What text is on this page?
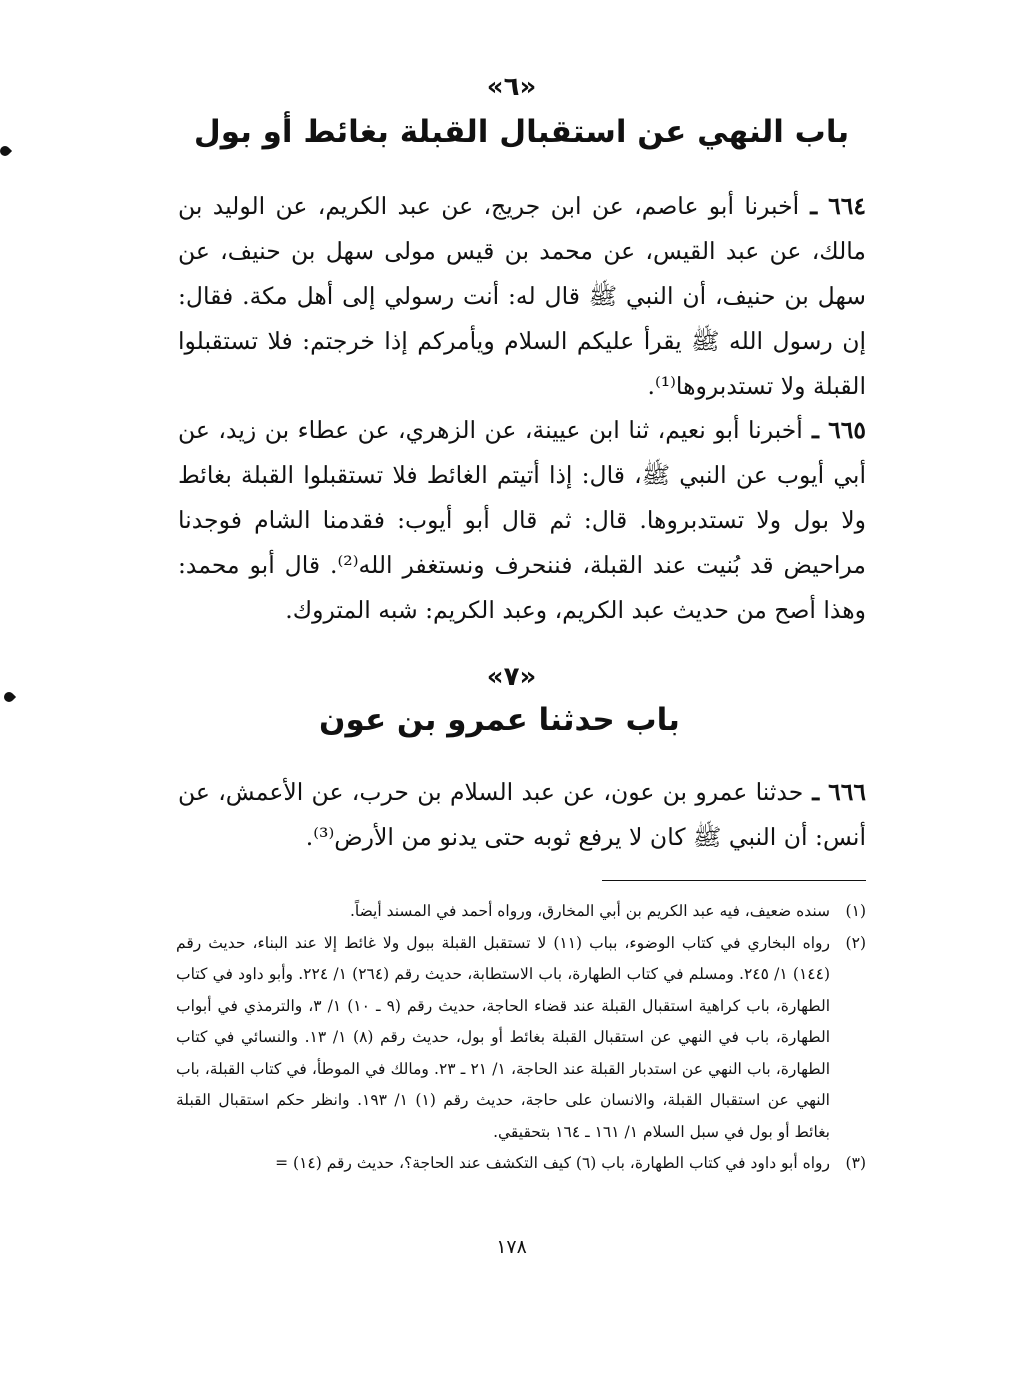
«٦»
باب النهي عن استقبال القبلة بغائط أو بول
٦٦٤ ـ أخبرنا أبو عاصم، عن ابن جريج، عن عبد الكريم، عن الوليد بن مالك، عن عبد القيس، عن محمد بن قيس مولى سهل بن حنيف، عن سهل بن حنيف، أن النبي ﷺ قال له: أنت رسولي إلى أهل مكة. فقال: إن رسول الله ﷺ يقرأ عليكم السلام ويأمركم إذا خرجتم: فلا تستقبلوا القبلة ولا تستدبروها⁽¹⁾.
٦٦٥ ـ أخبرنا أبو نعيم، ثنا ابن عيينة، عن الزهري، عن عطاء بن زيد، عن أبي أيوب عن النبي ﷺ، قال: إذا أتيتم الغائط فلا تستقبلوا القبلة بغائط ولا بول ولا تستدبروها. قال: ثم قال أبو أيوب: فقدمنا الشام فوجدنا مراحيض قد بُنيت عند القبلة، فننحرف ونستغفر الله⁽²⁾. قال أبو محمد: وهذا أصح من حديث عبد الكريم، وعبد الكريم: شبه المتروك.
«٧»
باب حدثنا عمرو بن عون
٦٦٦ ـ حدثنا عمرو بن عون، عن عبد السلام بن حرب، عن الأعمش، عن أنس: أن النبي ﷺ كان لا يرفع ثوبه حتى يدنو من الأرض⁽³⁾.
(١)
سنده ضعيف، فيه عبد الكريم بن أبي المخارق، ورواه أحمد في المسند أيضاً.
(٢)
رواه البخاري في كتاب الوضوء، بباب (١١) لا تستقبل القبلة ببول ولا غائط إلا عند البناء، حديث رقم (١٤٤) ١/ ٢٤٥. ومسلم في كتاب الطهارة، باب الاستطابة، حديث رقم (٢٦٤) ١/ ٢٢٤. وأبو داود في كتاب الطهارة، باب كراهية استقبال القبلة عند قضاء الحاجة، حديث رقم (٩ ـ ١٠) ١/ ٣، والترمذي في أبواب الطهارة، باب في النهي عن استقبال القبلة بغائط أو بول، حديث رقم (٨) ١/ ١٣. والنسائي في كتاب الطهارة، باب النهي عن استدبار القبلة عند الحاجة، ١/ ٢١ ـ ٢٣. ومالك في الموطأ، في كتاب القبلة، باب النهي عن استقبال القبلة، والانسان على حاجة، حديث رقم (١) ١/ ١٩٣. وانظر حكم استقبال القبلة بغائط أو بول في سبل السلام ١/ ١٦١ ـ ١٦٤ بتحقيقي.
(٣)
رواه أبو داود في كتاب الطهارة، باب (٦) كيف التكشف عند الحاجة؟، حديث رقم (١٤) =
١٧٨
